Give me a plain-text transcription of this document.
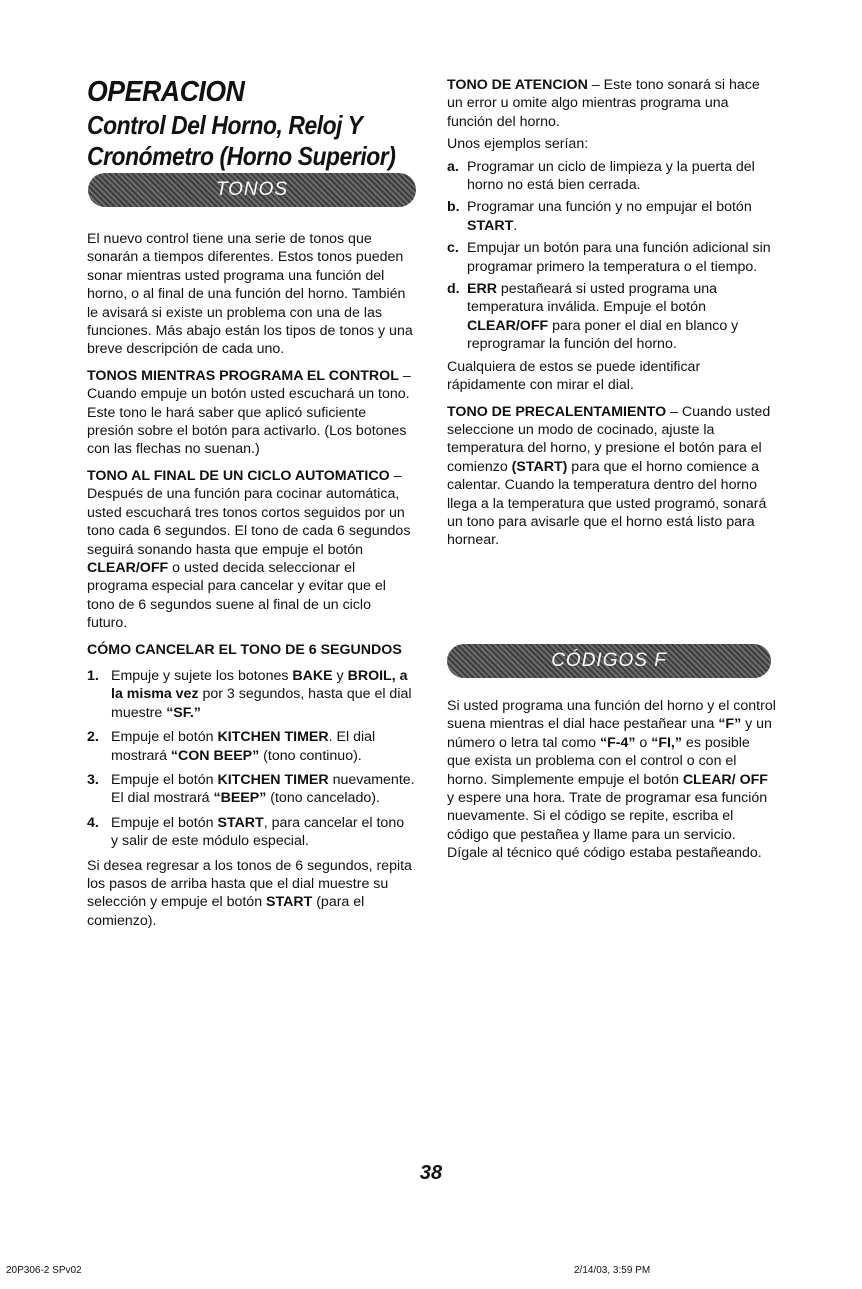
OPERACION
Control Del Horno, Reloj Y Cronómetro (Horno Superior)
TONOS

El nuevo control tiene una serie de tonos que sonarán a tiempos diferentes. Estos tonos pueden sonar mientras usted programa una función del horno, o al final de una función del horno. También le avisará si existe un problema con una de las funciones. Más abajo están los tipos de tonos y una breve descripción de cada uno.

TONOS MIENTRAS PROGRAMA EL CONTROL – Cuando empuje un botón usted escuchará un tono. Este tono le hará saber que aplicó suficiente presión sobre el botón para activarlo. (Los botones con las flechas no suenan.)

TONO AL FINAL DE UN CICLO AUTOMATICO – Después de una función para cocinar automática, usted escuchará tres tonos cortos seguidos por un tono cada 6 segundos. El tono de cada 6 segundos seguirá sonando hasta que empuje el botón CLEAR/OFF o usted decida seleccionar el programa especial para cancelar y evitar que el tono de 6 segundos suene al final de un ciclo futuro.

CÓMO CANCELAR EL TONO DE 6 SEGUNDOS

1. Empuje y sujete los botones BAKE y BROIL, a la misma vez por 3 segundos, hasta que el dial muestre “SF.”
2. Empuje el botón KITCHEN TIMER. El dial mostrará “CON BEEP” (tono continuo).
3. Empuje el botón KITCHEN TIMER nuevamente. El dial mostrará “BEEP” (tono cancelado).
4. Empuje el botón START, para cancelar el tono y salir de este módulo especial.

Si desea regresar a los tonos de 6 segundos, repita los pasos de arriba hasta que el dial muestre su selección y empuje el botón START (para el comienzo).

TONO DE ATENCION – Este tono sonará si hace un error u omite algo mientras programa una función del horno.

Unos ejemplos serían:

a. Programar un ciclo de limpieza y la puerta del horno no está bien cerrada.
b. Programar una función y no empujar el botón START.
c. Empujar un botón para una función adicional sin programar primero la temperatura o el tiempo.
d. ERR pestañeará si usted programa una temperatura inválida. Empuje el botón CLEAR/OFF para poner el dial en blanco y reprogramar la función del horno.

Cualquiera de estos se puede identificar rápidamente con mirar el dial.

TONO DE PRECALENTAMIENTO – Cuando usted seleccione un modo de cocinado, ajuste la temperatura del horno, y presione el botón para el comienzo (START) para que el horno comience a calentar. Cuando la temperatura dentro del horno llega a la temperatura que usted programó, sonará un tono para avisarle que el horno está listo para hornear.

CÓDIGOS F

Si usted programa una función del horno y el control suena mientras el dial hace pestañear una “F” y un número o letra tal como “F-4” o “FI,” es posible que exista un problema con el control o con el horno. Simplemente empuje el botón CLEAR/ OFF y espere una hora. Trate de programar esa función nuevamente. Si el código se repite, escriba el código que pestañea y llame para un servicio. Dígale al técnico qué código estaba pestañeando.

38
20P306-2 SPv02	2/14/03, 3:59 PM
